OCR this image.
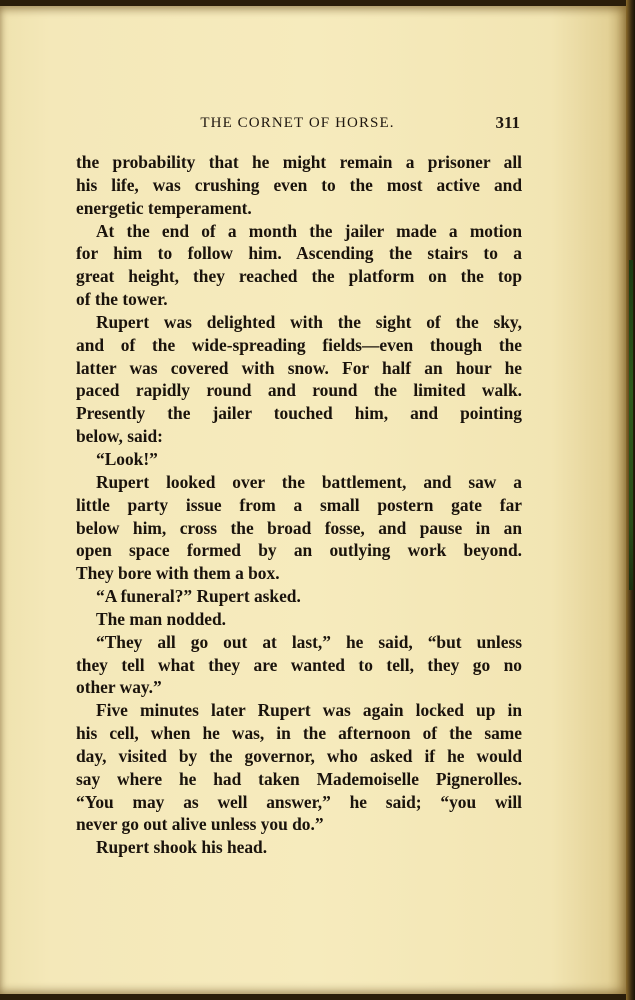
THE CORNET OF HORSE.	311
the probability that he might remain a prisoner all
his life, was crushing even to the most active and
energetic temperament.
At the end of a month the jailer made a motion
for him to follow him. Ascending the stairs to a
great height, they reached the platform on the top
of the tower.
Rupert was delighted with the sight of the sky,
and of the wide-spreading fields—even though the
latter was covered with snow. For half an hour he
paced rapidly round and round the limited walk.
Presently the jailer touched him, and pointing
below, said:
“Look!”
Rupert looked over the battlement, and saw a
little party issue from a small postern gate far
below him, cross the broad fosse, and pause in an
open space formed by an outlying work beyond.
They bore with them a box.
“A funeral?” Rupert asked.
The man nodded.
“They all go out at last,” he said, “but unless
they tell what they are wanted to tell, they go no
other way.”
Five minutes later Rupert was again locked up in
his cell, when he was, in the afternoon of the same
day, visited by the governor, who asked if he would
say where he had taken Mademoiselle Pignerolles.
“You may as well answer,” he said; “you will
never go out alive unless you do.”
Rupert shook his head.
